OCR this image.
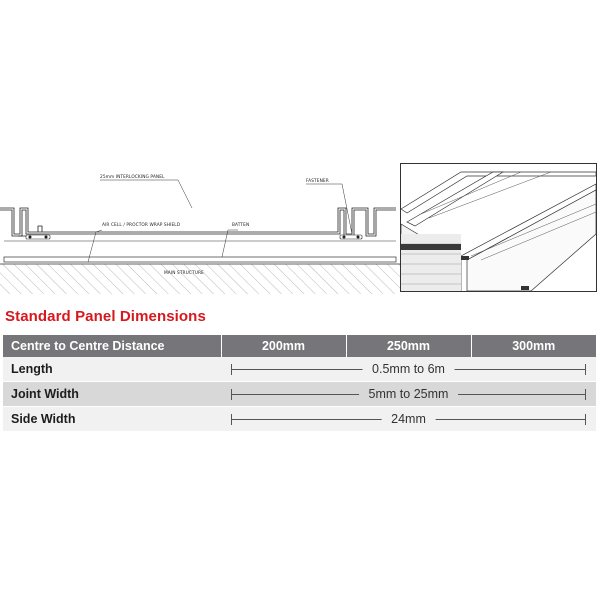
25mm INTERLOCKING PANEL
FASTENER
AIR CELL / PROCTOR WRAP SHIELD	BATTEN
MAIN STRUCTURE
Standard Panel Dimensions
Centre to Centre Distance	200mm	250mm	300mm
Length	0.5mm to 6m		

Joint Width	5mm to 25mm		

Side Width	24mm		
